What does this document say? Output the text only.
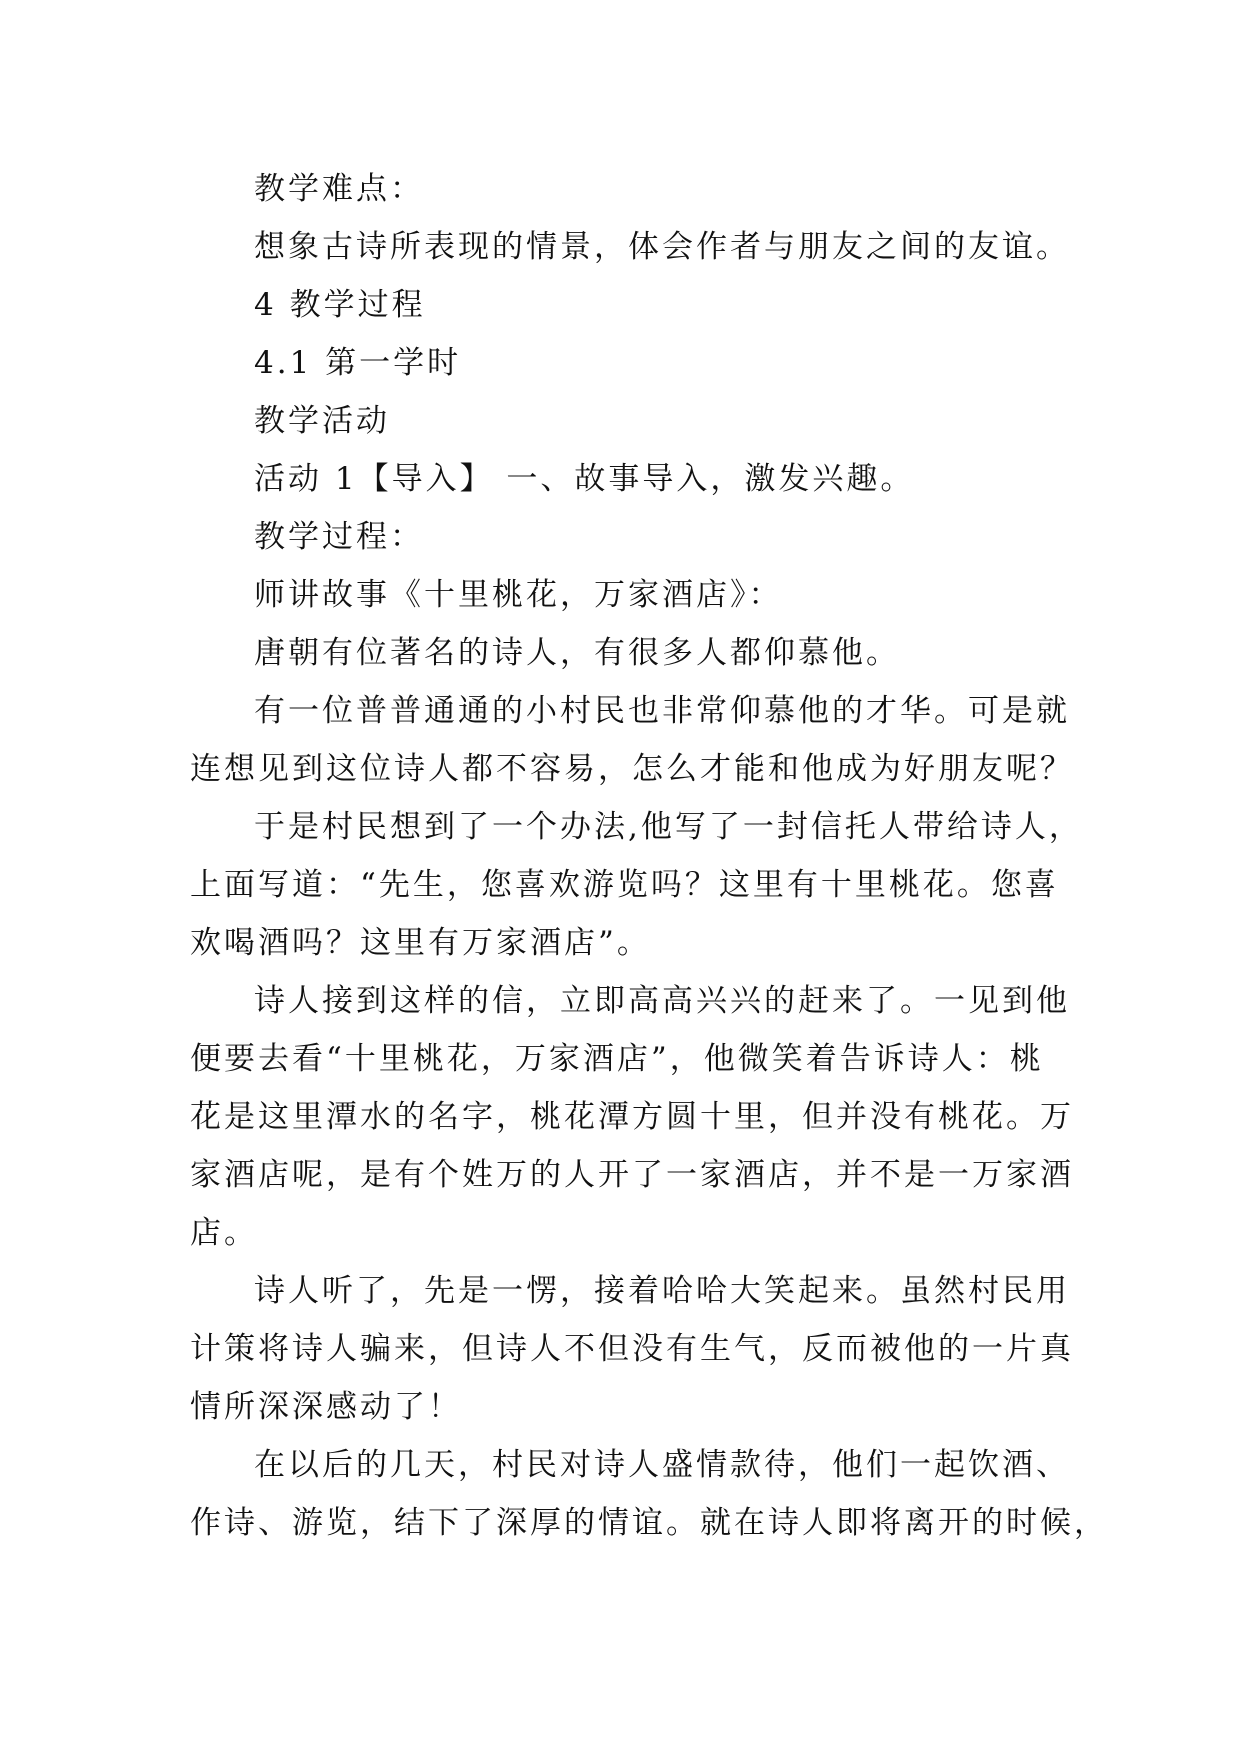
教学难点：
想象古诗所表现的情景，体会作者与朋友之间的友谊。
4 教学过程
4.1 第一学时
教学活动
活动 1【导入】 一、故事导入，激发兴趣。
教学过程：
师讲故事《十里桃花，万家酒店》：
唐朝有位著名的诗人，有很多人都仰慕他。
有一位普普通通的小村民也非常仰慕他的才华。可是就
连想见到这位诗人都不容易，怎么才能和他成为好朋友呢？
于是村民想到了一个办法,他写了一封信托人带给诗人，
上面写道：“先生，您喜欢游览吗？这里有十里桃花。您喜
欢喝酒吗？这里有万家酒店”。
诗人接到这样的信，立即高高兴兴的赶来了。一见到他
便要去看“十里桃花，万家酒店”，他微笑着告诉诗人：桃
花是这里潭水的名字，桃花潭方圆十里，但并没有桃花。万
家酒店呢，是有个姓万的人开了一家酒店，并不是一万家酒
店。
诗人听了，先是一愣，接着哈哈大笑起来。虽然村民用
计策将诗人骗来，但诗人不但没有生气，反而被他的一片真
情所深深感动了！
在以后的几天，村民对诗人盛情款待，他们一起饮酒、
作诗、游览，结下了深厚的情谊。就在诗人即将离开的时候，
